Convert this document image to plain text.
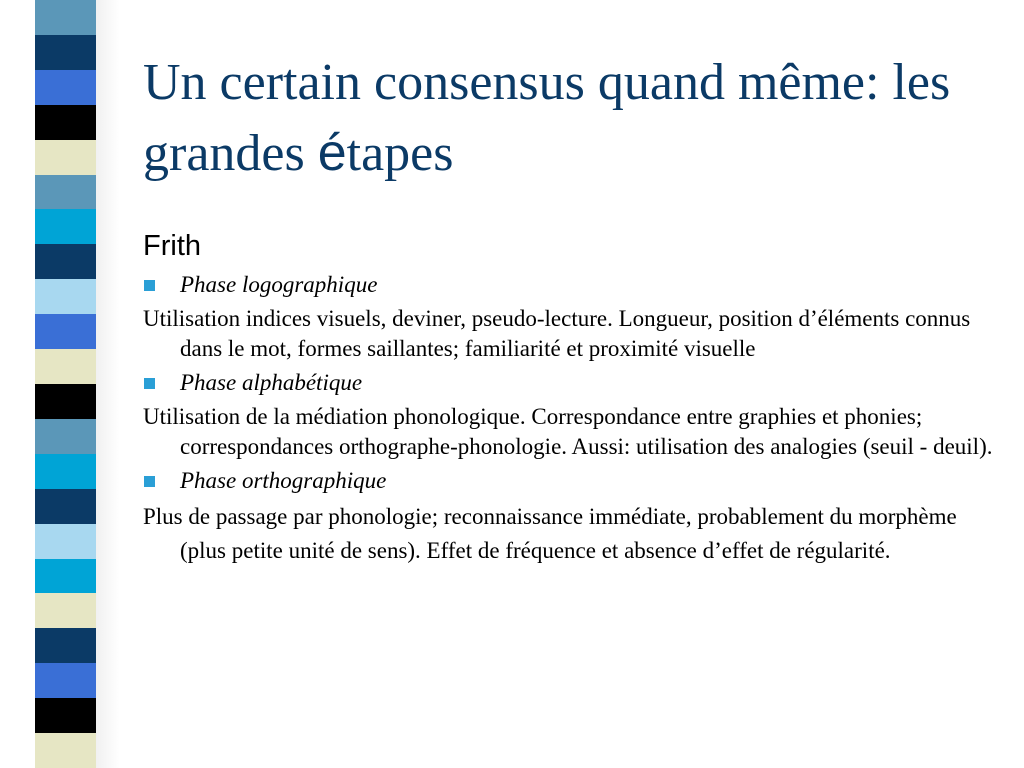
Un certain consensus quand même: les grandes étapes
Frith
Phase logographique
Utilisation indices visuels, deviner, pseudo-lecture. Longueur, position d’éléments connus dans le mot, formes saillantes; familiarité et proximité visuelle
Phase alphabétique
Utilisation de la médiation phonologique. Correspondance entre graphies et phonies; correspondances orthographe-phonologie. Aussi: utilisation des analogies (seuil - deuil).
Phase orthographique
Plus de passage par phonologie; reconnaissance immédiate, probablement du morphème (plus petite unité de sens). Effet de fréquence et absence d’effet de régularité.
